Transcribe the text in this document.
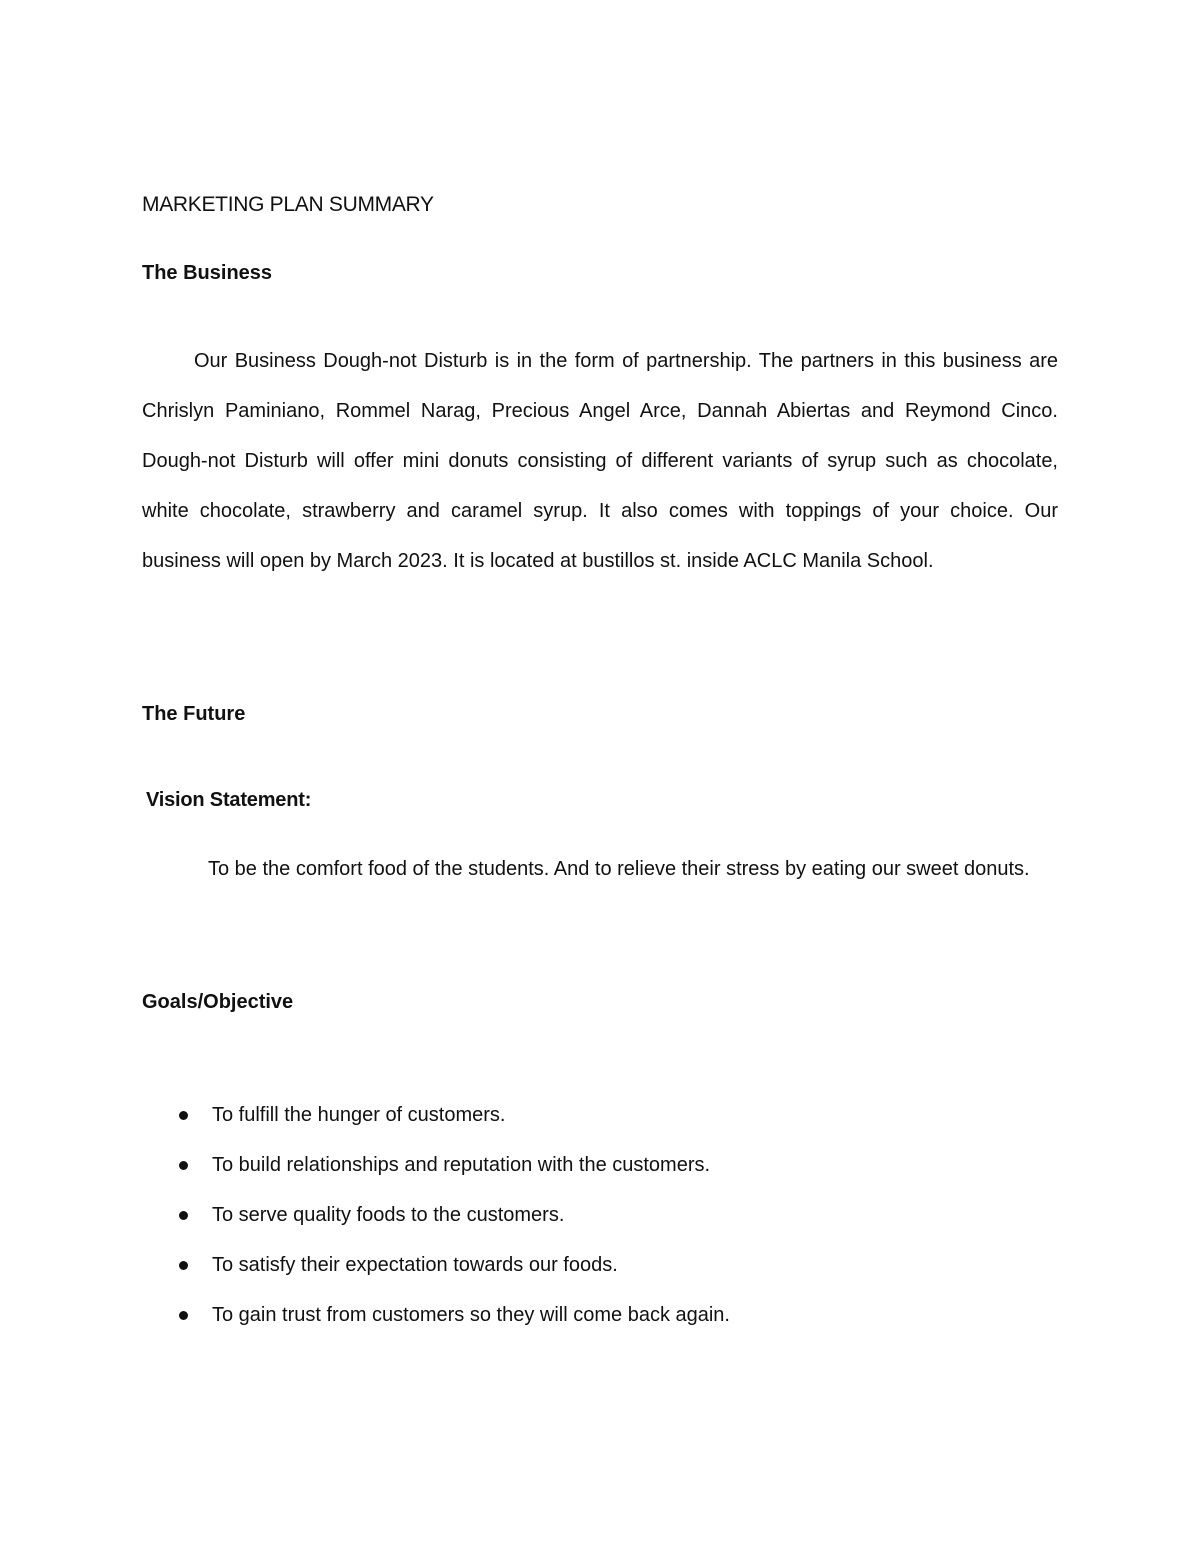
MARKETING PLAN SUMMARY
The Business

Our Business Dough-not Disturb is in the form of partnership. The partners in this business are Chrislyn Paminiano, Rommel Narag, Precious Angel Arce, Dannah Abiertas and Reymond Cinco. Dough-not Disturb will offer mini donuts consisting of different variants of syrup such as chocolate, white chocolate, strawberry and caramel syrup. It also comes with toppings of your choice. Our business will open by March 2023. It is located at bustillos st. inside ACLC Manila School.

The Future
Vision Statement:

To be the comfort food of the students. And to relieve their stress by eating our sweet donuts.

Goals/Objective
To fulfill the hunger of customers.
To build relationships and reputation with the customers.
To serve quality foods to the customers.
To satisfy their expectation towards our foods.
To gain trust from customers so they will come back again.
